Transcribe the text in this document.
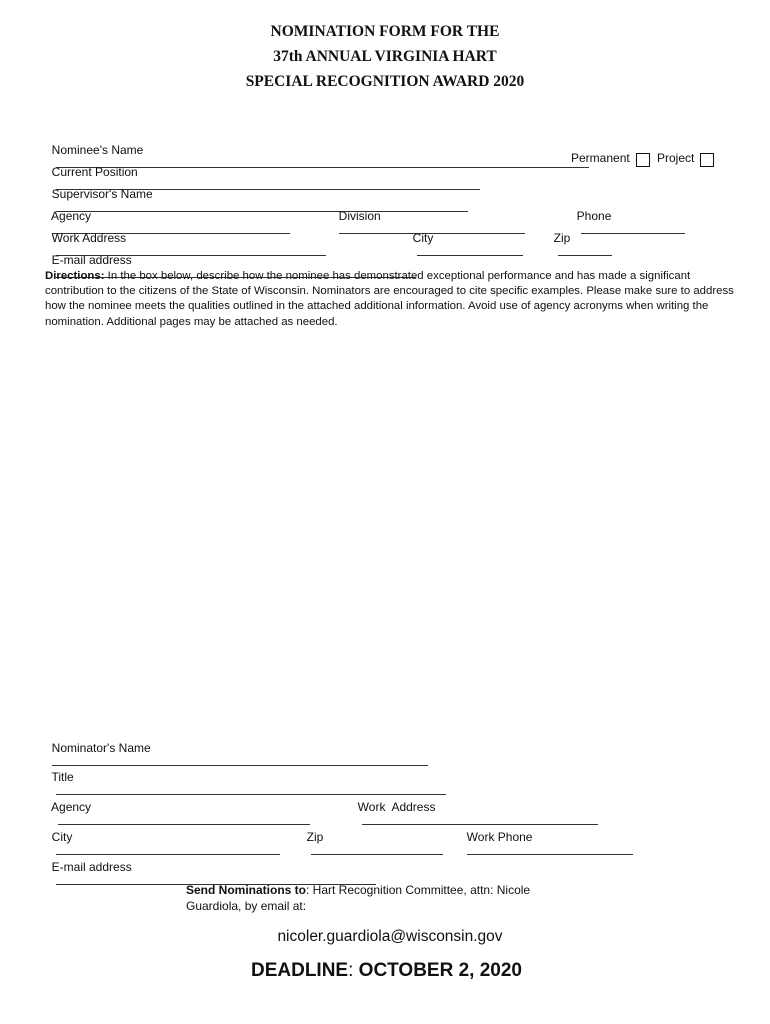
NOMINATION FORM FOR THE
37th ANNUAL VIRGINIA HART
SPECIAL RECOGNITION AWARD 2020

Nominee's Name

Current Position

Permanent Project

Supervisor's Name

Agency
	Division
	Phone

Work Address
	City
	Zip

E-mail address

Directions: In the box below, describe how the nominee has demonstrated exceptional performance and has made a significant contribution to the citizens of the State of Wisconsin. Nominators are encouraged to cite specific examples. Please make sure to address how the nominee meets the qualities outlined in the attached additional information. Avoid use of agency acronyms when writing the nomination. Additional pages may be attached as needed.

Nominator's Name

Title

Agency
	Work  Address

City
	Zip
	Work Phone

E-mail address

Send Nominations to: Hart Recognition Committee, attn: Nicole Guardiola, by email at:
nicoler.guardiola@wisconsin.gov
DEADLINE: OCTOBER 2, 2020
